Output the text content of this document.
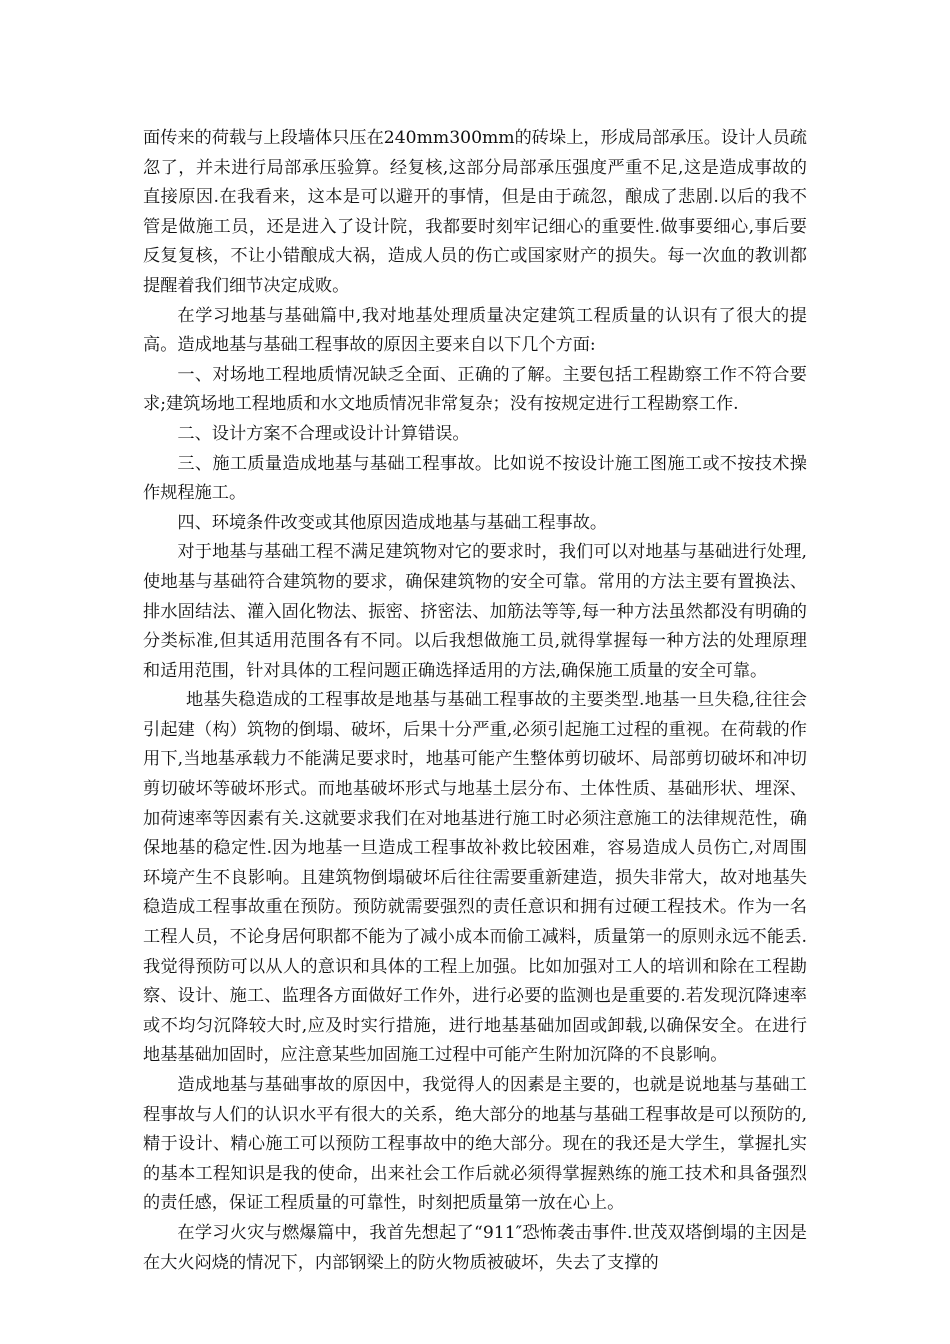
面传来的荷载与上段墙体只压在240mm300mm的砖垛上，形成局部承压。设计人员疏忽了，并未进行局部承压验算。经复核,这部分局部承压强度严重不足,这是造成事故的直接原因.在我看来，这本是可以避开的事情，但是由于疏忽，酿成了悲剧.以后的我不管是做施工员，还是进入了设计院，我都要时刻牢记细心的重要性.做事要细心,事后要反复复核，不让小错酿成大祸，造成人员的伤亡或国家财产的损失。每一次血的教训都提醒着我们细节决定成败。

在学习地基与基础篇中,我对地基处理质量决定建筑工程质量的认识有了很大的提高。造成地基与基础工程事故的原因主要来自以下几个方面:

一、对场地工程地质情况缺乏全面、正确的了解。主要包括工程勘察工作不符合要求;建筑场地工程地质和水文地质情况非常复杂；没有按规定进行工程勘察工作.

二、设计方案不合理或设计计算错误。

三、施工质量造成地基与基础工程事故。比如说不按设计施工图施工或不按技术操作规程施工。

四、环境条件改变或其他原因造成地基与基础工程事故。

对于地基与基础工程不满足建筑物对它的要求时，我们可以对地基与基础进行处理,使地基与基础符合建筑物的要求，确保建筑物的安全可靠。常用的方法主要有置换法、排水固结法、灌入固化物法、振密、挤密法、加筋法等等,每一种方法虽然都没有明确的分类标准,但其适用范围各有不同。以后我想做施工员,就得掌握每一种方法的处理原理和适用范围，针对具体的工程问题正确选择适用的方法,确保施工质量的安全可靠。

地基失稳造成的工程事故是地基与基础工程事故的主要类型.地基一旦失稳,往往会引起建（构）筑物的倒塌、破坏，后果十分严重,必须引起施工过程的重视。在荷载的作用下,当地基承载力不能满足要求时，地基可能产生整体剪切破坏、局部剪切破坏和冲切剪切破坏等破坏形式。而地基破坏形式与地基土层分布、土体性质、基础形状、埋深、加荷速率等因素有关.这就要求我们在对地基进行施工时必须注意施工的法律规范性，确保地基的稳定性.因为地基一旦造成工程事故补救比较困难，容易造成人员伤亡,对周围环境产生不良影响。且建筑物倒塌破坏后往往需要重新建造，损失非常大，故对地基失稳造成工程事故重在预防。预防就需要强烈的责任意识和拥有过硬工程技术。作为一名工程人员，不论身居何职都不能为了减小成本而偷工减料，质量第一的原则永远不能丢.我觉得预防可以从人的意识和具体的工程上加强。比如加强对工人的培训和除在工程勘察、设计、施工、监理各方面做好工作外，进行必要的监测也是重要的.若发现沉降速率或不均匀沉降较大时,应及时实行措施，进行地基基础加固或卸载,以确保安全。在进行地基基础加固时，应注意某些加固施工过程中可能产生附加沉降的不良影响。

造成地基与基础事故的原因中，我觉得人的因素是主要的，也就是说地基与基础工程事故与人们的认识水平有很大的关系，绝大部分的地基与基础工程事故是可以预防的,精于设计、精心施工可以预防工程事故中的绝大部分。现在的我还是大学生，掌握扎实的基本工程知识是我的使命，出来社会工作后就必须得掌握熟练的施工技术和具备强烈的责任感，保证工程质量的可靠性，时刻把质量第一放在心上。

在学习火灾与燃爆篇中，我首先想起了“911″恐怖袭击事件.世茂双塔倒塌的主因是在大火闷烧的情况下，内部钢梁上的防火物质被破坏，失去了支撑的
